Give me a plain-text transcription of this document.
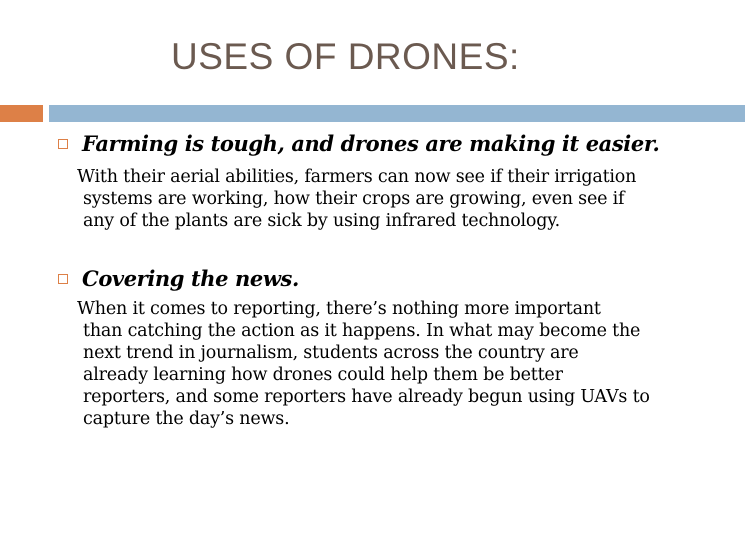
USES OF DRONES:
Farming is tough, and drones are making it easier.
With their aerial abilities, farmers can now see if their irrigation
systems are working, how their crops are growing, even see if
any of the plants are sick by using infrared technology.
Covering the news.
When it comes to reporting, there’s nothing more important
than catching the action as it happens. In what may become the
next trend in journalism, students across the country are
already learning how drones could help them be better
reporters, and some reporters have already begun using UAVs to
capture the day’s news.
